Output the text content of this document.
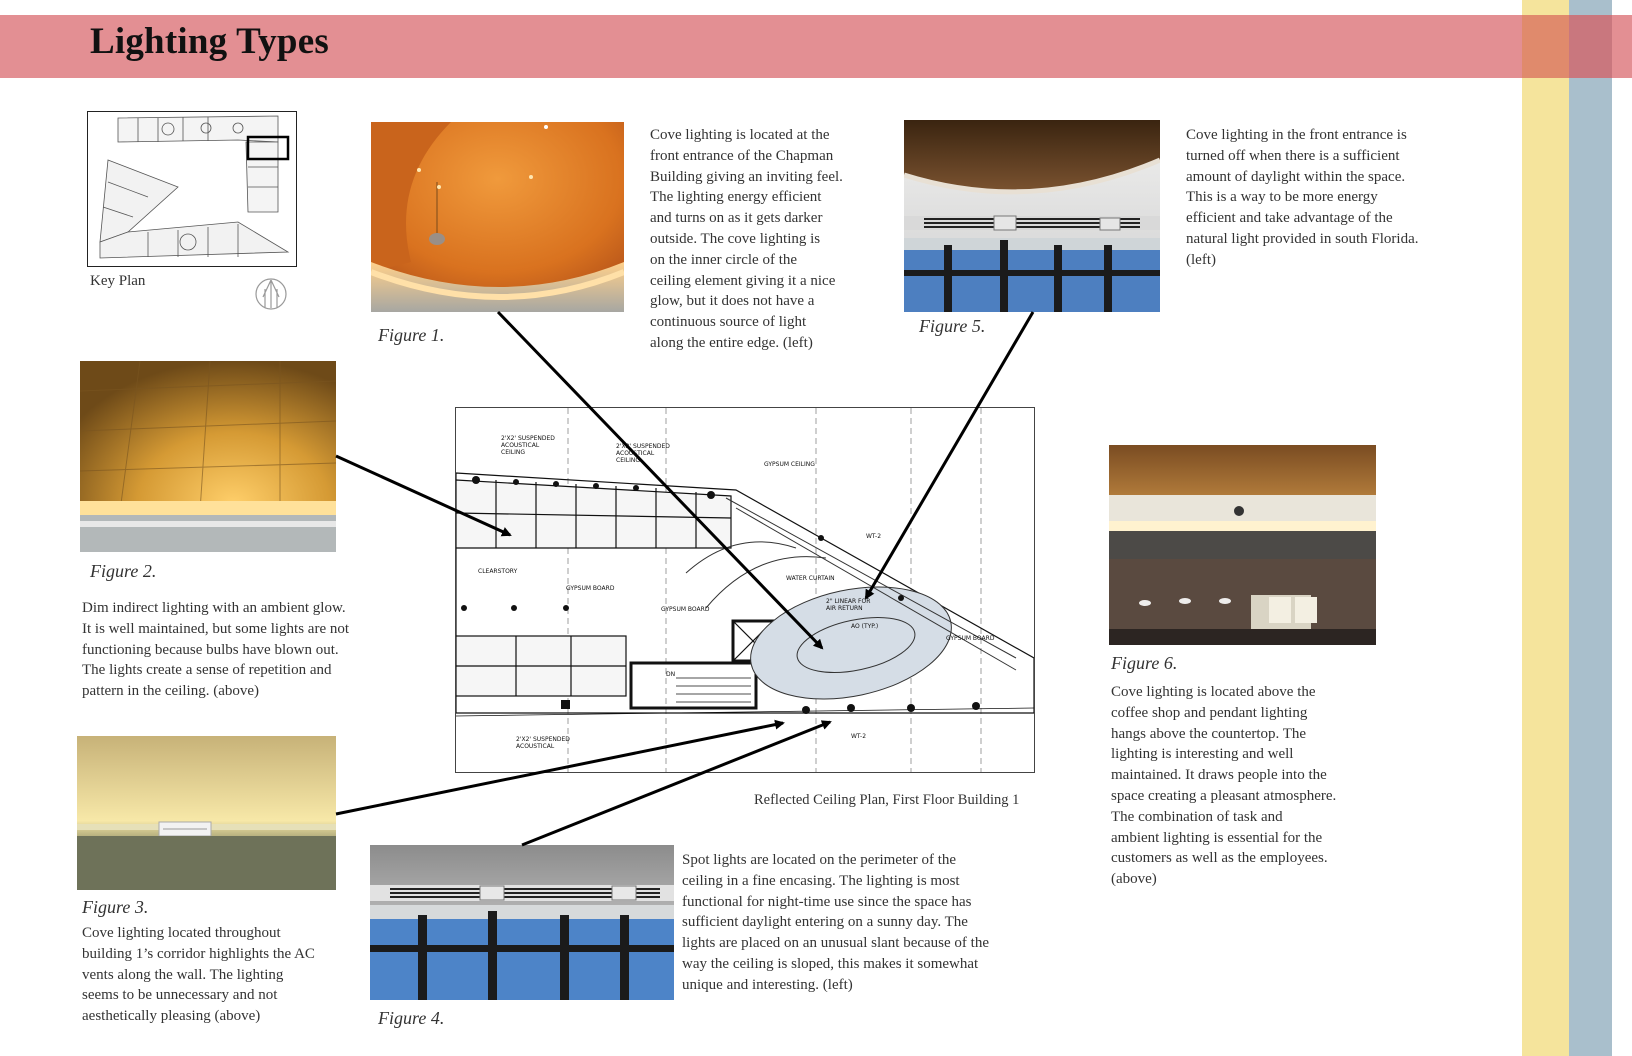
Lighting Types
Key Plan
Figure 1.
Cove lighting is located at the
front entrance of the Chapman
Building giving an inviting feel.
The lighting energy efficient
and turns on as it gets darker
outside. The cove lighting is
on the inner circle of the
ceiling element giving it a nice
glow, but it does not have a
continuous source of light
along the entire edge. (left)
Figure 5.
Cove lighting in the front entrance is
turned off when there is a sufficient
amount of daylight within the space.
This is a way to be more energy
efficient and take advantage of the
natural light provided in south Florida.
(left)
Figure 2.
Dim indirect lighting with an ambient glow.
It is well maintained, but some lights are not
functioning because bulbs have blown out.
The lights create a sense of repetition and
pattern in the ceiling. (above)
Figure 3.
Cove lighting located throughout
building 1’s corridor highlights the AC
vents along the wall. The lighting
seems to be unnecessary and not
aesthetically pleasing (above)	Figure 4.
Spot lights are located on the perimeter of the
ceiling in a fine encasing. The lighting is most
functional for night-time use since the space has
sufficient daylight entering on a sunny day. The
lights are placed on an unusual slant because of the
way the ceiling is sloped, this makes it somewhat
unique and interesting. (left)
Figure 6.
Cove lighting is located above the
coffee shop and pendant lighting
hangs above the countertop. The
lighting is interesting and well
maintained. It draws people into the
space creating a pleasant atmosphere.
The combination of task and
ambient lighting is essential for the
customers as well as the employees.
(above)
2'X2' SUSPENDED
ACOUSTICAL
CEILING
2'X2' SUSPENDED
ACOUSTICAL
CEILING
GYPSUM CEILING
CLEARSTORY
WATER CURTAIN
GYPSUM BOARD
GYPSUM BOARD
GYPSUM BOARD
2" LINEAR FOR
AIR RETURN
AO (TYP.)
WT-2
WT-2
2'X2' SUSPENDED
ACOUSTICAL
DN
Reflected Ceiling Plan, First Floor Building 1
